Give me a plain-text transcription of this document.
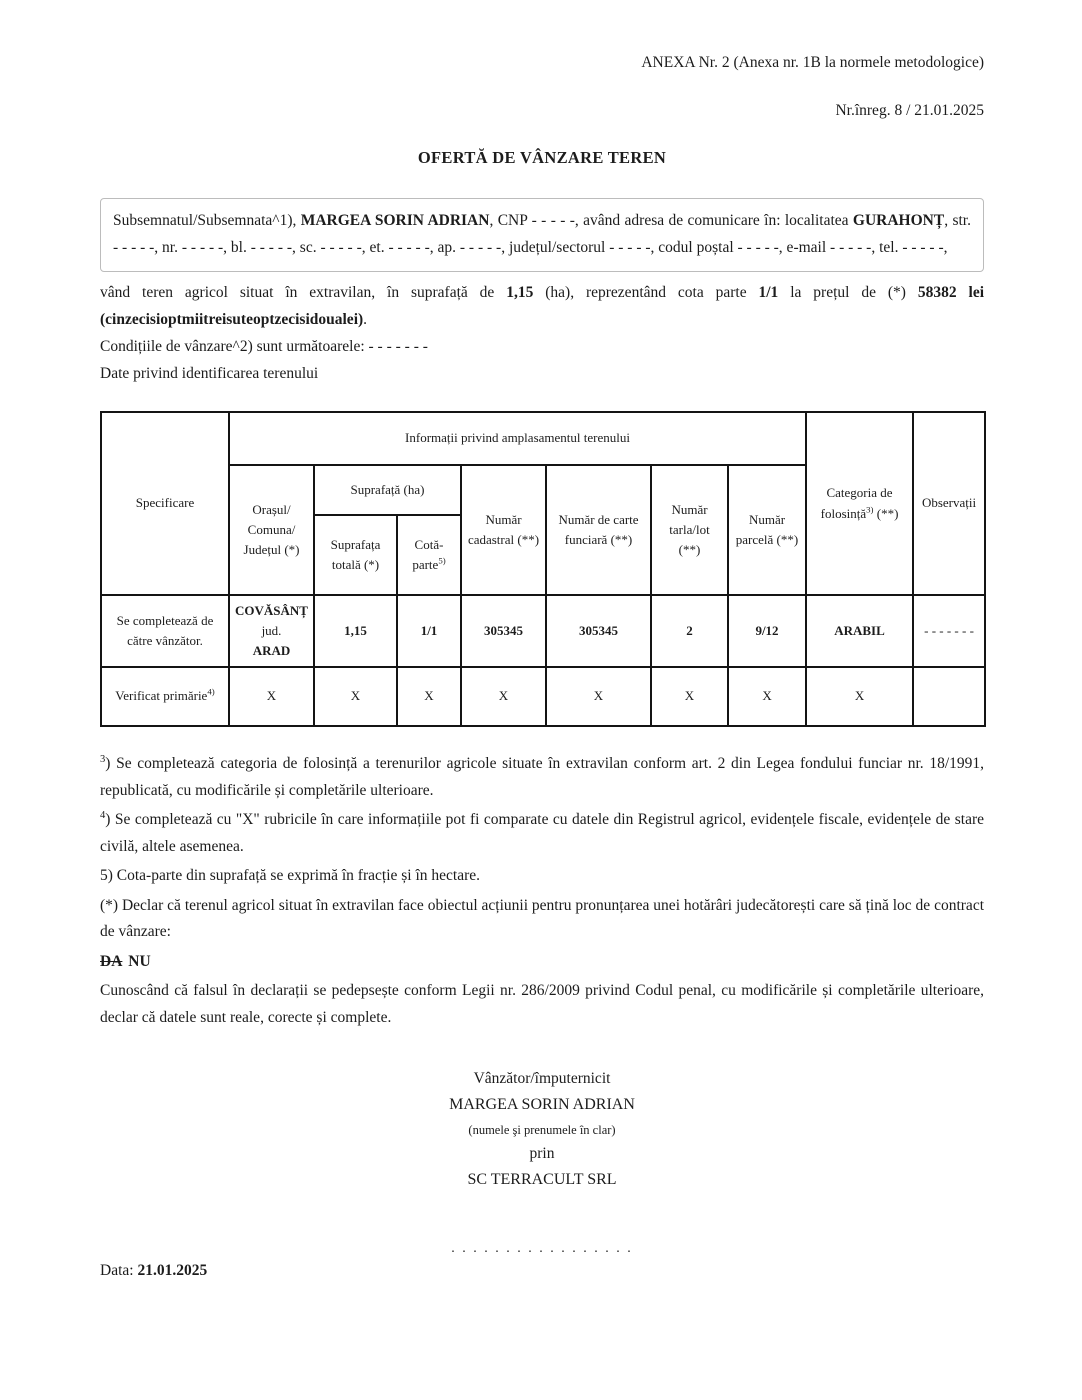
ANEXA Nr. 2 (Anexa nr. 1B la normele metodologice)
Nr.înreg. 8 / 21.01.2025
OFERTĂ DE VÂNZARE TEREN

Subsemnatul/Subsemnata^1), MARGEA SORIN ADRIAN, CNP - - - - -, având adresa de comunicare în: localitatea GURAHONȚ, str. - - - - -, nr. - - - - -, bl. - - - - -, sc. - - - - -, et. - - - - -, ap. - - - - -, județul/sectorul - - - - -, codul poștal - - - - -, e-mail - - - - -, tel. - - - - -,

vând teren agricol situat în extravilan, în suprafață de 1,15 (ha), reprezentând cota parte 1/1 la prețul de (*) 58382 lei (cinzecisioptmiitreisuteoptzecisidoualei).

Condițiile de vânzare^2) sunt următoarele: - - - - - - -

Date privind identificarea terenului

Specificare	Informații privind amplasamentul terenului							Categoria de folosință$^{3)}$ (**)	Observații

	Orașul/
Comuna/
Județul (*)	Suprafață (ha)		Număr cadastral (**)	Număr de carte funciară (**)	Număr tarla/lot (**)	Număr parcelă (**)		
		Suprafața totală (*)	Cotă-parte$^{5)}$
Se completează de către vânzător.	COVĂSÂNȚ
jud.
ARAD	1,15	1/1	305345	305345	2	9/12	ARABIL	- - - - - - -
Verificat primărie$^{4)}$	X	X	X	X	X	X	X	X	

$^3$) Se completează categoria de folosință a terenurilor agricole situate în extravilan conform art. 2 din Legea fondului funciar nr. 18/1991, republicată, cu modificările și completările ulterioare.

$^4$) Se completează cu "X" rubricile în care informațiile pot fi comparate cu datele din Registrul agricol, evidențele fiscale, evidențele de stare civilă, altele asemenea.

5) Cota-parte din suprafață se exprimă în fracție și în hectare.

(*) Declar că terenul agricol situat în extravilan face obiectul acțiunii pentru pronunțarea unei hotărâri judecătorești care să țină loc de contract de vânzare:

DA NU

Cunoscând că falsul în declarații se pedepsește conform Legii nr. 286/2009 privind Codul penal, cu modificările și completările ulterioare, declar că datele sunt reale, corecte și complete.

Vânzător/împuternicit
MARGEA SORIN ADRIAN
(numele şi prenumele în clar)
prin
SC TERRACULT SRL
. . . . . . . . . . . . . . . . .
Data: 21.01.2025
